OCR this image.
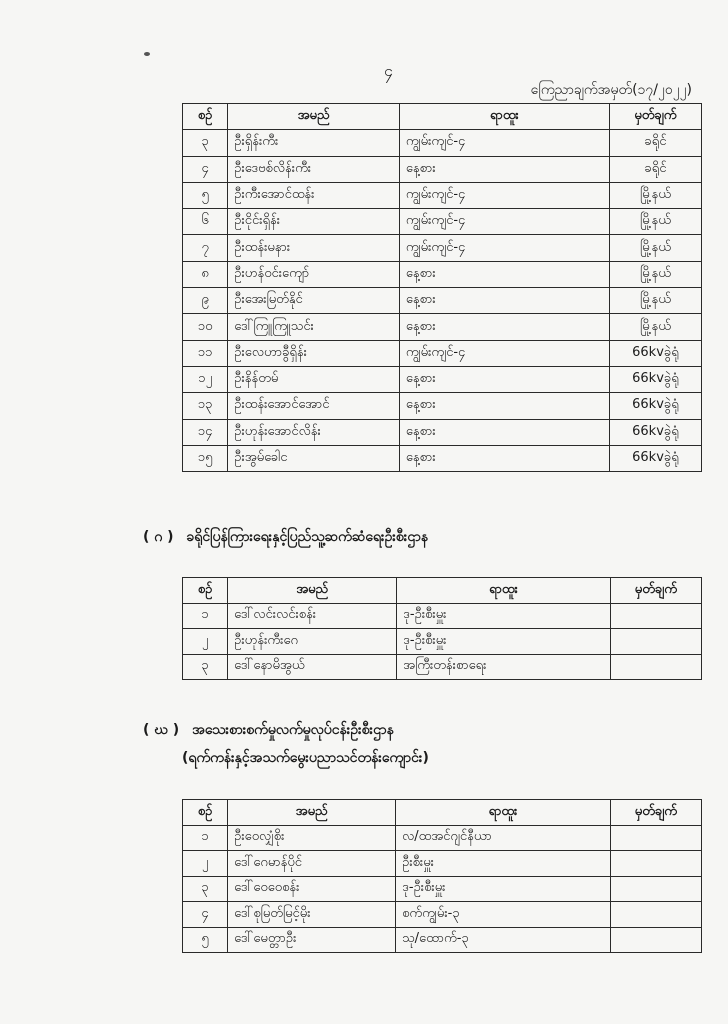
၄
ကြေညာချက်အမှတ်(၁၇/၂၀၂၂)
စဉ်	အမည်	ရာထူး	မှတ်ချက်
၃	ဦးရှိန်းကီး	ကျွမ်းကျင်-၄	ခရိုင်
၄	ဦးဒေဗစ်လိန်းကီး	နေ့စား	ခရိုင်
၅	ဦးကီးအောင်ထန်း	ကျွမ်းကျင်-၄	မြို့နယ်
၆	ဦးငိုင်းရှိန်း	ကျွမ်းကျင်-၄	မြို့နယ်
၇	ဦးထန်းမနား	ကျွမ်းကျင်-၄	မြို့နယ်
၈	ဦးဟန်ဝင်းကျော်	နေ့စား	မြို့နယ်
၉	ဦးအေးမြတ်နိုင်	နေ့စား	မြို့နယ်
၁၀	ဒေါ်ကြူကြူသင်း	နေ့စား	မြို့နယ်
၁၁	ဦးလေဟာခွီရှိန်း	ကျွမ်းကျင်-၄	66kvခွဲရုံ
၁၂	ဦးနိန်တမ်	နေ့စား	66kvခွဲရုံ
၁၃	ဦးထန်းအောင်အောင်	နေ့စား	66kvခွဲရုံ
၁၄	ဦးဟုန်းအောင်လိန်း	နေ့စား	66kvခွဲရုံ
၁၅	ဦးအွမ်ခေါင	နေ့စား	66kvခွဲရုံ
( ဂ ) ခရိုင်ပြန်ကြားရေးနှင့်ပြည်သူ့ဆက်ဆံရေးဦးစီးဌာန
စဉ်	အမည်	ရာထူး	မှတ်ချက်
၁	ဒေါ်လင်းလင်းစန်း	ဒု-ဦးစီးမှူး	
၂	ဦးဟုန်းကီးဂေ	ဒု-ဦးစီးမှူး	
၃	ဒေါ်နောမိအွယ်	အကြီးတန်းစာရေး	
( ဃ ) အသေးစားစက်မှုလက်မှုလုပ်ငန်းဦးစီးဌာန
(ရက်ကန်းနှင့်အသက်မွေးပညာသင်တန်းကျောင်း)
စဉ်	အမည်	ရာထူး	မှတ်ချက်
၁	ဦးဝေလျှံစိုး	လ/ထအင်ဂျင်နီယာ	
၂	ဒေါ်ဂေမာန်ပိုင်	ဦးစီးမှူး	
၃	ဒေါ်ဝေဝေစန်း	ဒု-ဦးစီးမှူး	
၄	ဒေါ်စုမြတ်မြင့်မိုး	စက်ကျွမ်း-၃	
၅	ဒေါ်မေတ္တာဦး	သု/ထောက်-၃	
